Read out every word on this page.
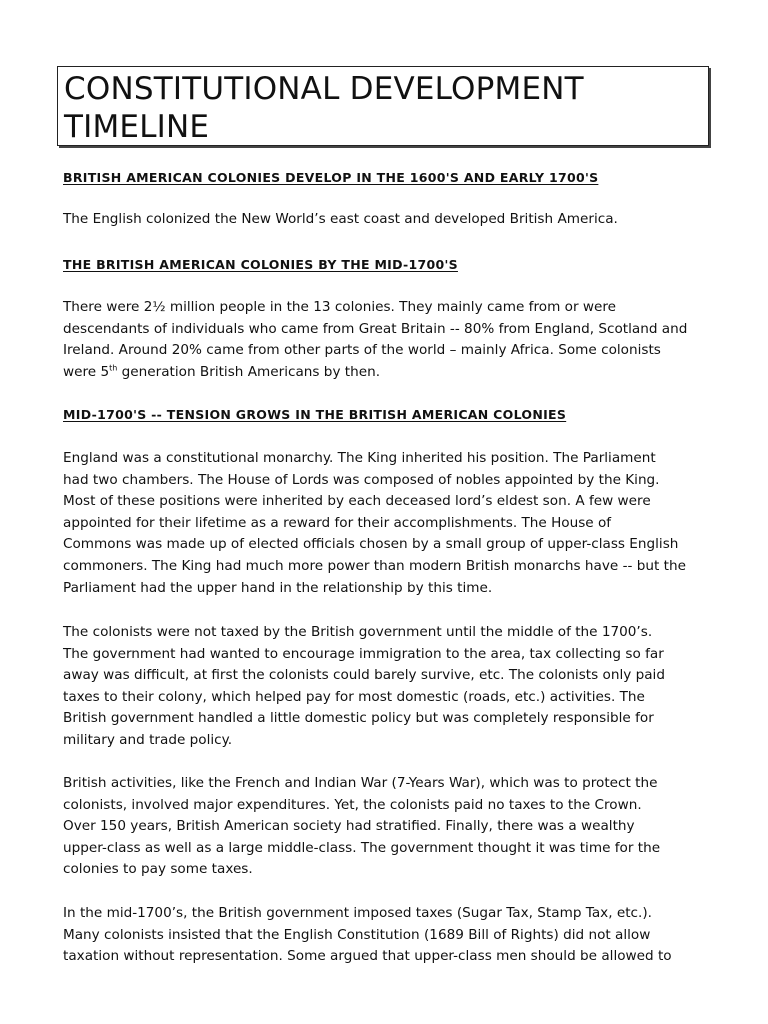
CONSTITUTIONAL DEVELOPMENT
TIMELINE
BRITISH AMERICAN COLONIES DEVELOP IN THE 1600'S AND EARLY 1700'S
The English colonized the New World’s east coast and developed British America.
THE BRITISH AMERICAN COLONIES BY THE MID-1700'S
There were 2½ million people in the 13 colonies. They mainly came from or were
descendants of individuals who came from Great Britain -- 80% from England, Scotland and
Ireland. Around 20% came from other parts of the world – mainly Africa. Some colonists
were 5th generation British Americans by then.
MID-1700'S -- TENSION GROWS IN THE BRITISH AMERICAN COLONIES
England was a constitutional monarchy. The King inherited his position. The Parliament
had two chambers. The House of Lords was composed of nobles appointed by the King.
Most of these positions were inherited by each deceased lord’s eldest son. A few were
appointed for their lifetime as a reward for their accomplishments. The House of
Commons was made up of elected officials chosen by a small group of upper-class English
commoners. The King had much more power than modern British monarchs have -- but the
Parliament had the upper hand in the relationship by this time.
The colonists were not taxed by the British government until the middle of the 1700’s.
The government had wanted to encourage immigration to the area, tax collecting so far
away was difficult, at first the colonists could barely survive, etc. The colonists only paid
taxes to their colony, which helped pay for most domestic (roads, etc.) activities. The
British government handled a little domestic policy but was completely responsible for
military and trade policy.
British activities, like the French and Indian War (7-Years War), which was to protect the
colonists, involved major expenditures. Yet, the colonists paid no taxes to the Crown.
Over 150 years, British American society had stratified. Finally, there was a wealthy
upper-class as well as a large middle-class. The government thought it was time for the
colonies to pay some taxes.
In the mid-1700’s, the British government imposed taxes (Sugar Tax, Stamp Tax, etc.).
Many colonists insisted that the English Constitution (1689 Bill of Rights) did not allow
taxation without representation. Some argued that upper-class men should be allowed to
